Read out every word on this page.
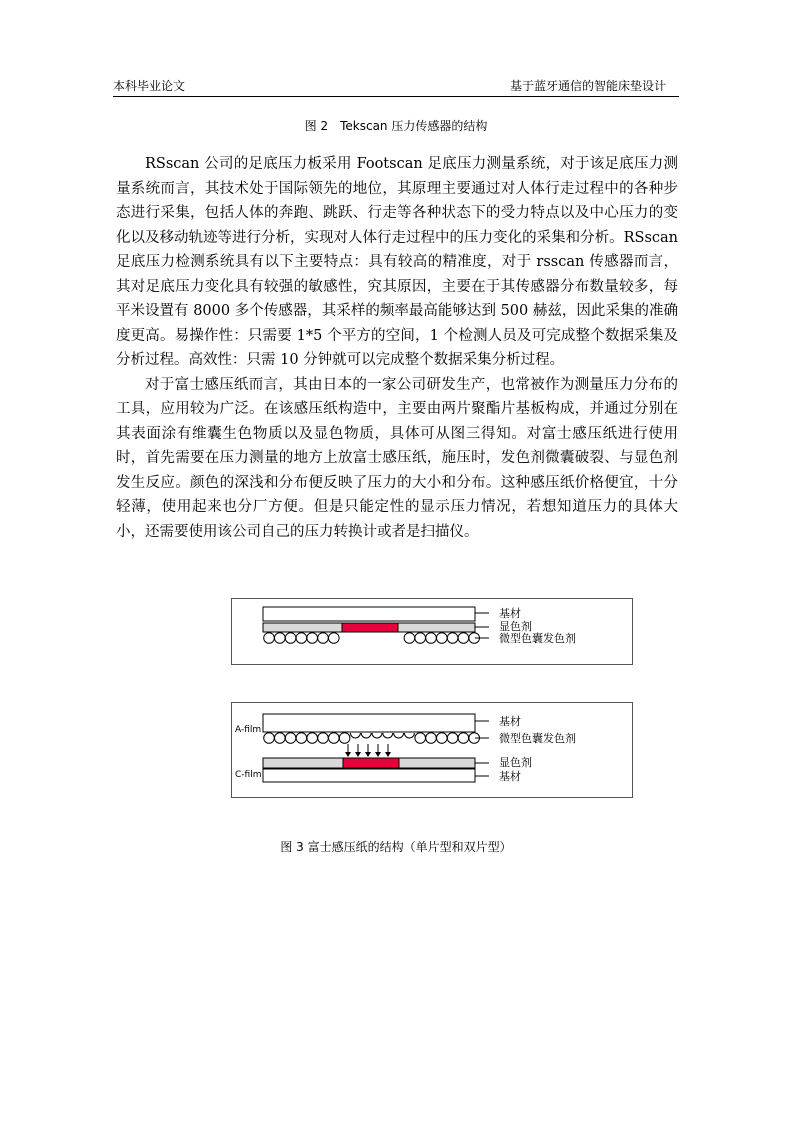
本科毕业论文	基于蓝牙通信的智能床垫设计
图 2　Tekscan 压力传感器的结构

RSscan 公司的足底压力板采用 Footscan 足底压力测量系统，对于该足底压力测量系统而言，其技术处于国际领先的地位，其原理主要通过对人体行走过程中的各种步态进行采集，包括人体的奔跑、跳跃、行走等各种状态下的受力特点以及中心压力的变化以及移动轨迹等进行分析，实现对人体行走过程中的压力变化的采集和分析。RSscan 足底压力检测系统具有以下主要特点：具有较高的精准度，对于 rsscan 传感器而言，其对足底压力变化具有较强的敏感性，究其原因，主要在于其传感器分布数量较多，每平米设置有 8000 多个传感器，其采样的频率最高能够达到 500 赫兹，因此采集的准确度更高。易操作性：只需要 1*5 个平方的空间，1 个检测人员及可完成整个数据采集及分析过程。高效性：只需 10 分钟就可以完成整个数据采集分析过程。

对于富士感压纸而言，其由日本的一家公司研发生产，也常被作为测量压力分布的工具，应用较为广泛。在该感压纸构造中，主要由两片聚酯片基板构成，并通过分别在其表面涂有维囊生色物质以及显色物质，具体可从图三得知。对富士感压纸进行使用时，首先需要在压力测量的地方上放富士感压纸，施压时，发色剂微囊破裂、与显色剂发生反应。颜色的深浅和分布便反映了压力的大小和分布。这种感压纸价格便宜，十分轻薄，使用起来也分厂方便。但是只能定性的显示压力情况，若想知道压力的具体大小，还需要使用该公司自己的压力转换计或者是扫描仪。

基材
显色剂
微型色囊发色剂
A-film
C-film
基材
微型色囊发色剂
显色剂
基材
图 3 富士感压纸的结构（单片型和双片型）
